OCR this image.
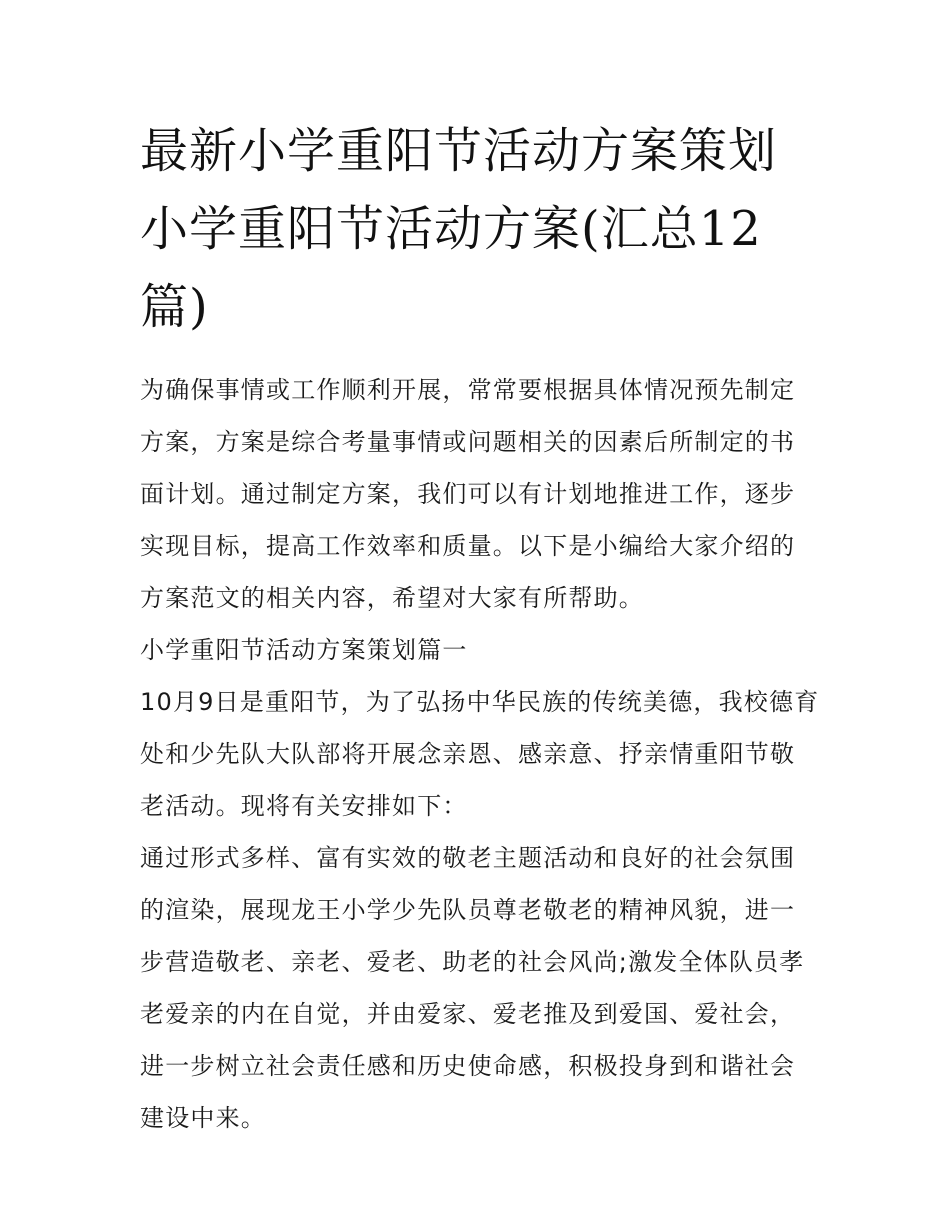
最新小学重阳节活动方案策划 小学重阳节活动方案(汇总12篇)

为确保事情或工作顺利开展，常常要根据具体情况预先制定方案，方案是综合考量事情或问题相关的因素后所制定的书面计划。通过制定方案，我们可以有计划地推进工作，逐步实现目标，提高工作效率和质量。以下是小编给大家介绍的方案范文的相关内容，希望对大家有所帮助。

小学重阳节活动方案策划篇一

10月9日是重阳节，为了弘扬中华民族的传统美德，我校德育处和少先队大队部将开展念亲恩、感亲意、抒亲情重阳节敬老活动。现将有关安排如下：

通过形式多样、富有实效的敬老主题活动和良好的社会氛围的渲染，展现龙王小学少先队员尊老敬老的精神风貌，进一步营造敬老、亲老、爱老、助老的社会风尚;激发全体队员孝老爱亲的内在自觉，并由爱家、爱老推及到爱国、爱社会，进一步树立社会责任感和历史使命感，积极投身到和谐社会建设中来。
